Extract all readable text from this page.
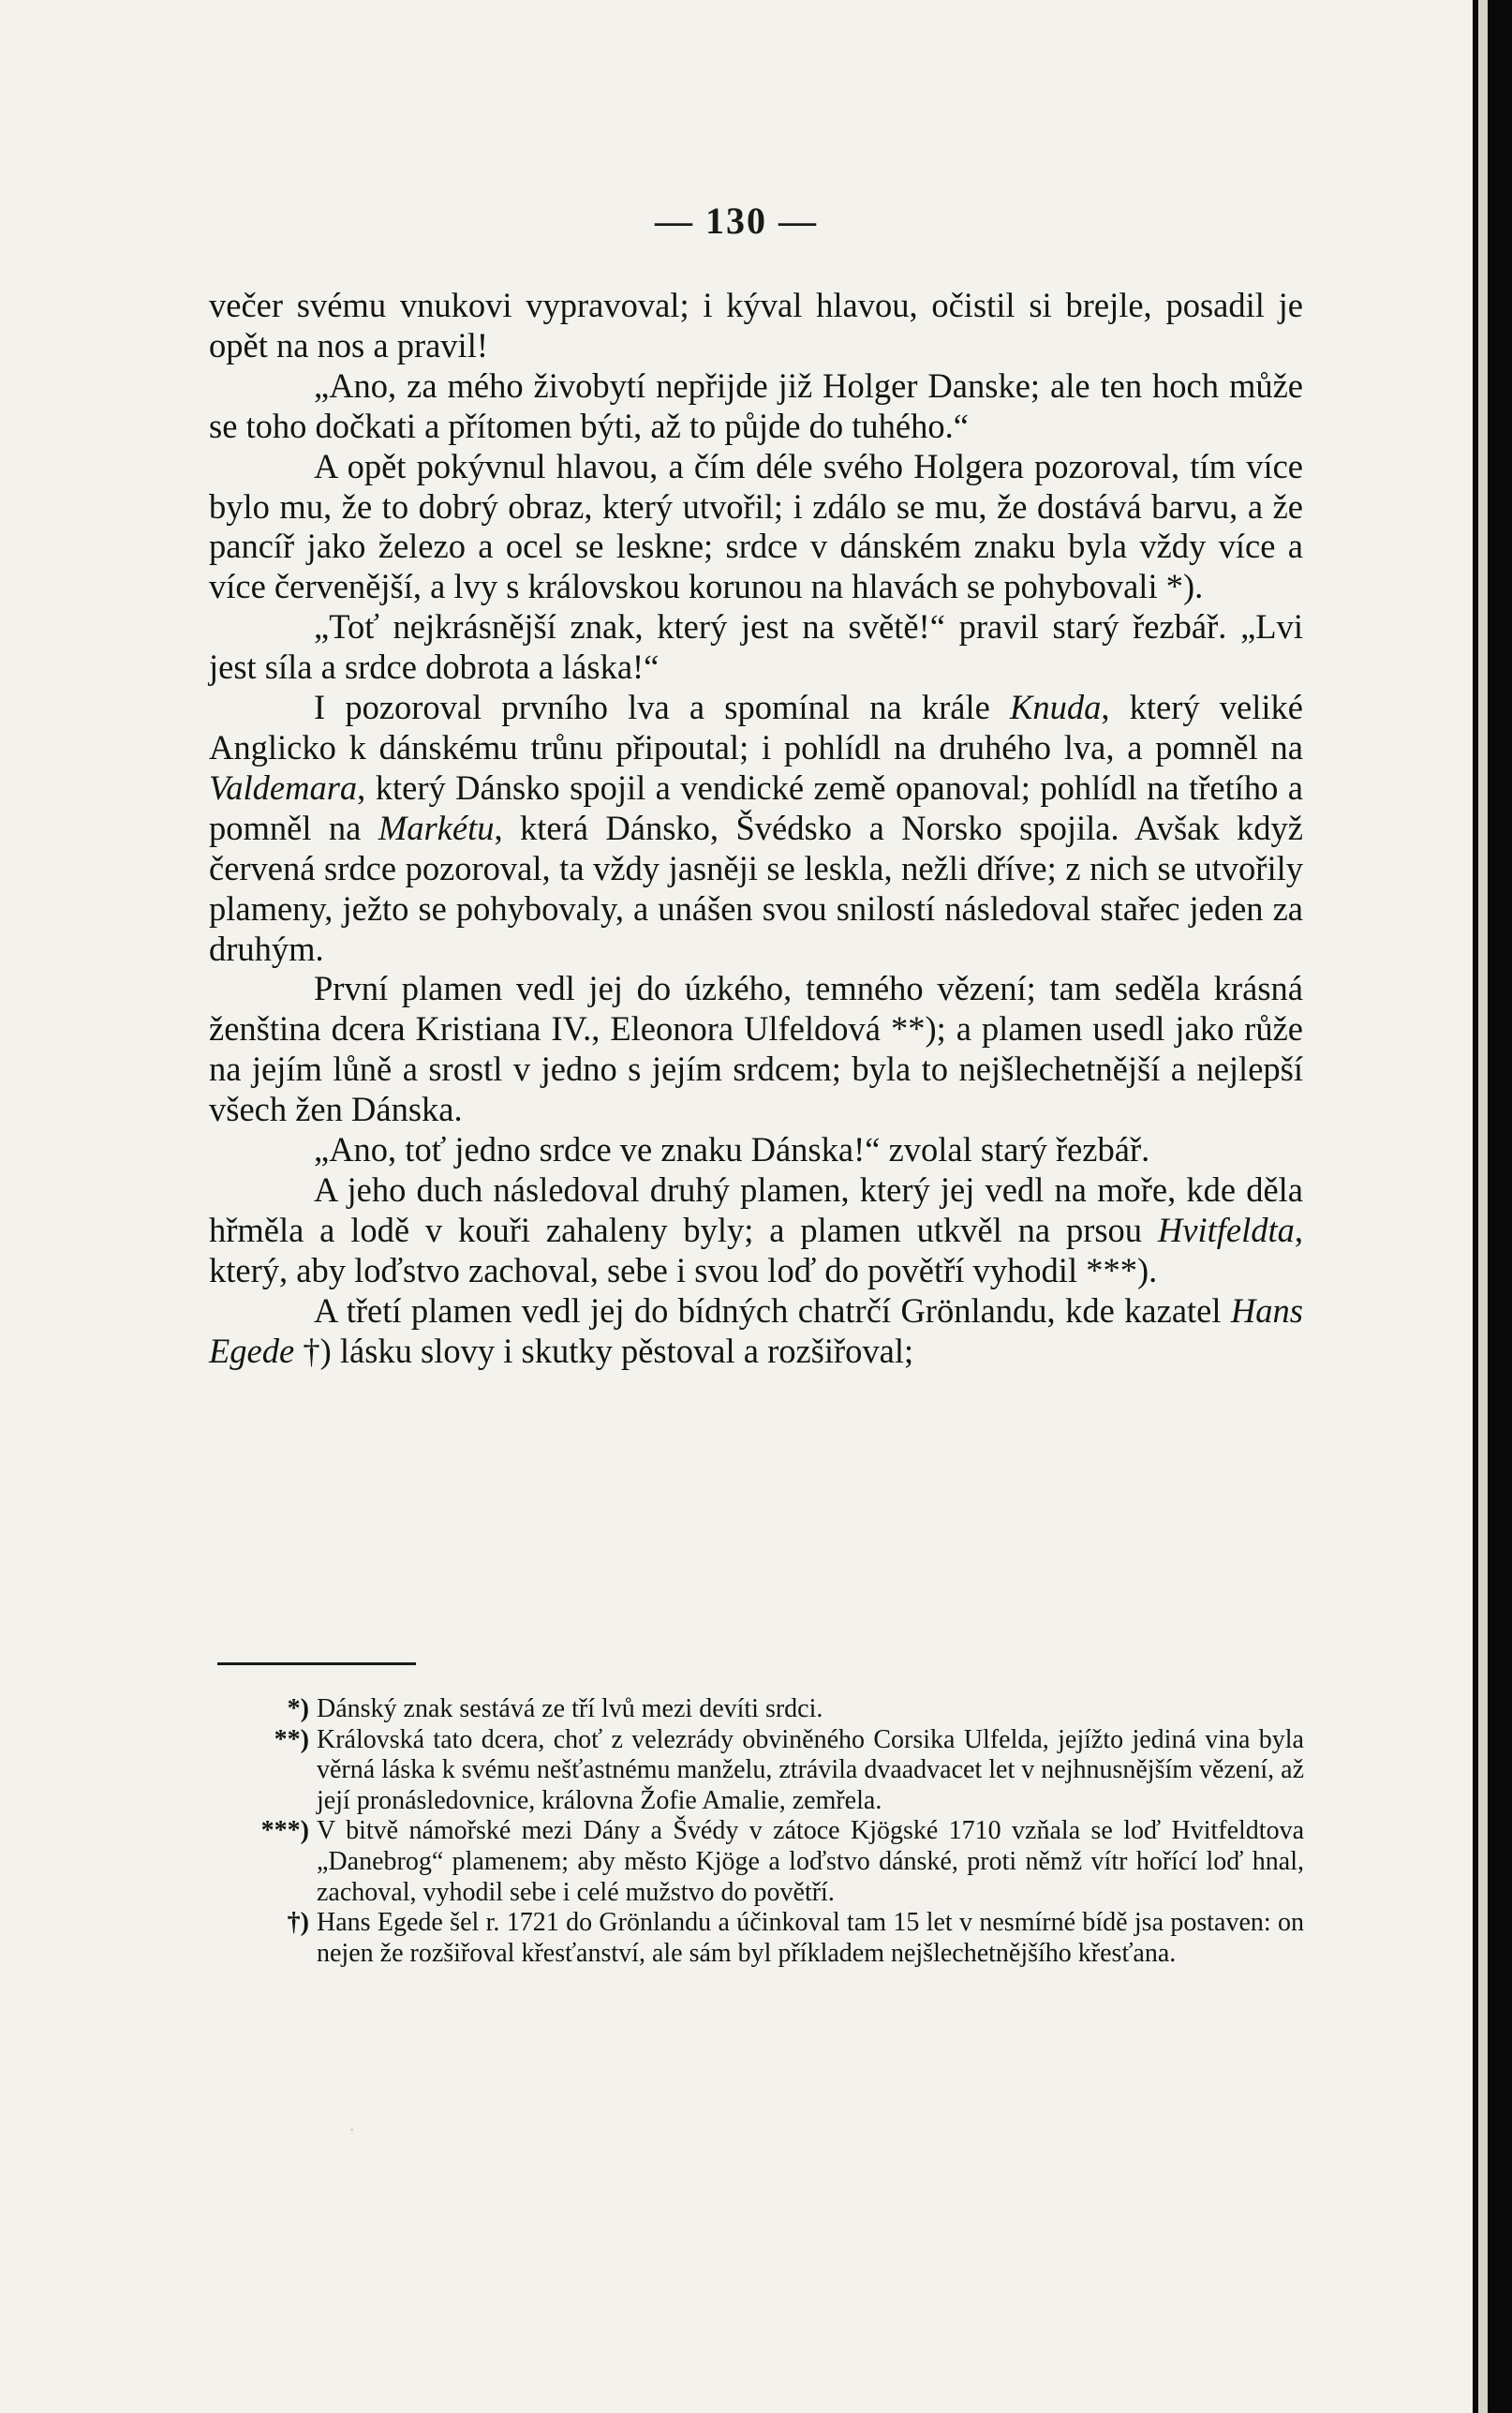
— 130 —

večer svému vnukovi vypravoval; i kýval hlavou, očistil si brejle, posadil je opět na nos a pravil!

„Ano, za mého živobytí nepřijde již Holger Danske; ale ten hoch může se toho dočkati a přítomen býti, až to půjde do tuhého.“

A opět pokývnul hlavou, a čím déle svého Holgera pozoroval, tím více bylo mu, že to dobrý obraz, který utvořil; i zdálo se mu, že dostává barvu, a že pancíř jako železo a ocel se leskne; srdce v dánském znaku byla vždy více a více červenější, a lvy s královskou korunou na hlavách se pohybovali *).

„Toť nejkrásnější znak, který jest na světě!“ pravil starý řezbář. „Lvi jest síla a srdce dobrota a láska!“

I pozoroval prvního lva a spomínal na krále Knuda, který veliké Anglicko k dánskému trůnu připoutal; i pohlídl na druhého lva, a pomněl na Valdemara, který Dánsko spojil a vendické země opanoval; pohlídl na třetího a pomněl na Markétu, která Dánsko, Švédsko a Norsko spojila. Avšak když červená srdce pozoroval, ta vždy jasněji se leskla, nežli dříve; z nich se utvořily plameny, ježto se pohybovaly, a unášen svou snilostí následoval stařec jeden za druhým.

První plamen vedl jej do úzkého, temného vězení; tam seděla krásná ženština dcera Kristiana IV., Eleonora Ulfeldová **); a plamen usedl jako růže na jejím lůně a srostl v jedno s jejím srdcem; byla to nejšlechetnější a nejlepší všech žen Dánska.

„Ano, toť jedno srdce ve znaku Dánska!“ zvolal starý řezbář.

A jeho duch následoval druhý plamen, který jej vedl na moře, kde děla hřměla a lodě v kouři zahaleny byly; a plamen utkvěl na prsou Hvitfeldta, který, aby loďstvo zachoval, sebe i svou loď do povětří vyhodil ***).

A třetí plamen vedl jej do bídných chatrčí Grönlandu, kde kazatel Hans Egede †) lásku slovy i skutky pěstoval a rozšiřoval;

*) Dánský znak sestává ze tří lvů mezi devíti srdci.
**) Královská tato dcera, choť z velezrády obviněného Corsika Ulfelda, jejížto jediná vina byla věrná láska k svému nešťastnému manželu, ztrávila dvaadvacet let v nejhnusnějším vězení, až její pronásledovnice, královna Žofie Amalie, zemřela.
***) V bitvě námořské mezi Dány a Švédy v zátoce Kjögské 1710 vzňala se loď Hvitfeldtova „Danebrog“ plamenem; aby město Kjöge a loďstvo dánské, proti němž vítr hořící loď hnal, zachoval, vyhodil sebe i celé mužstvo do povětří.
†) Hans Egede šel r. 1721 do Grönlandu a účinkoval tam 15 let v nesmírné bídě jsa postaven: on nejen že rozšiřoval křesťanství, ale sám byl příkladem nejšlechetnějšího křesťana.
·
